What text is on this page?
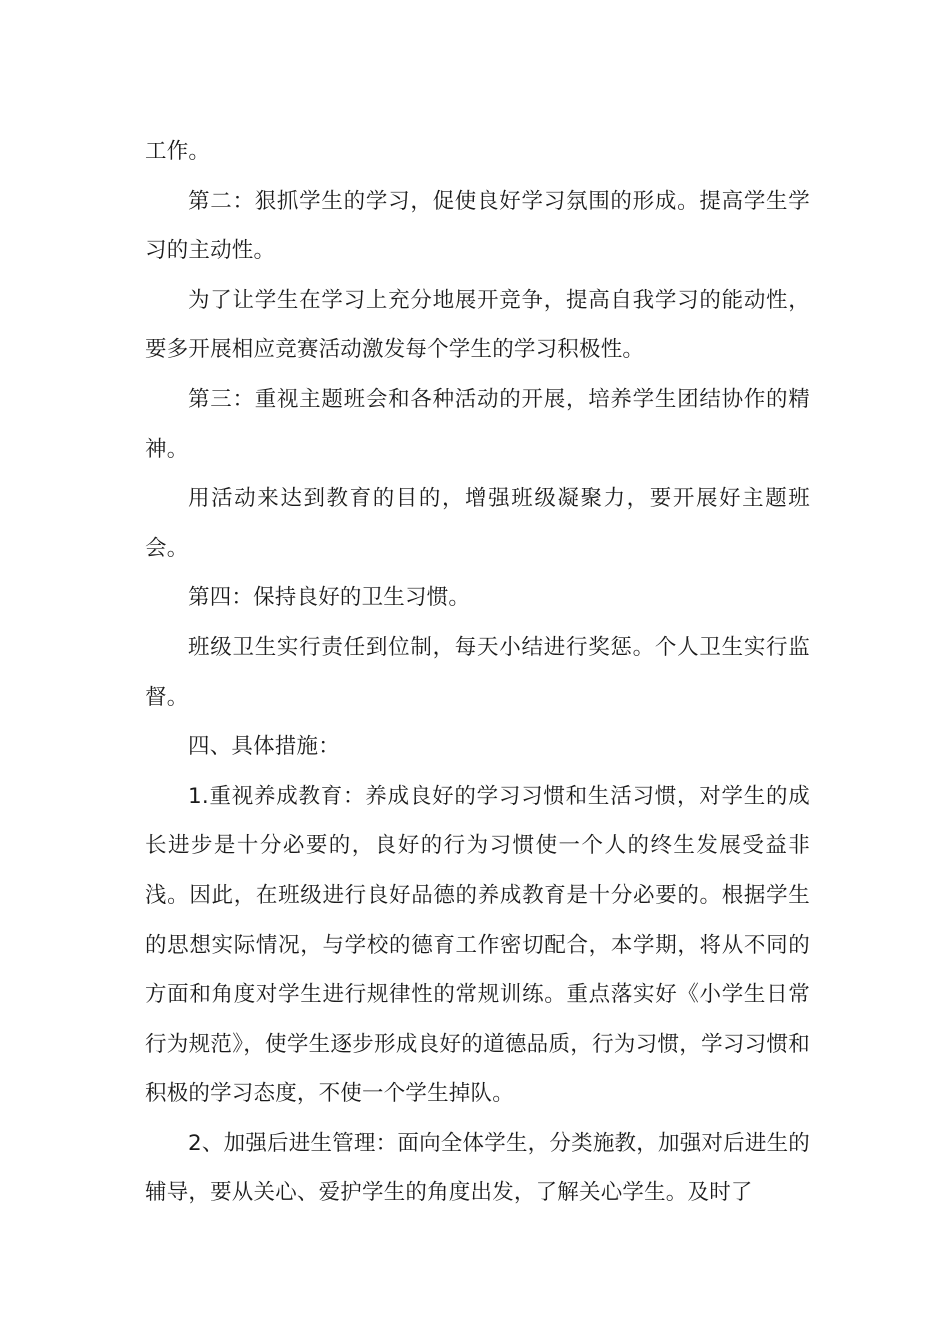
工作。

第二：狠抓学生的学习，促使良好学习氛围的形成。提高学生学习的主动性。

为了让学生在学习上充分地展开竞争，提高自我学习的能动性，要多开展相应竞赛活动激发每个学生的学习积极性。

第三：重视主题班会和各种活动的开展，培养学生团结协作的精神。

用活动来达到教育的目的，增强班级凝聚力，要开展好主题班会。

第四：保持良好的卫生习惯。

班级卫生实行责任到位制，每天小结进行奖惩。个人卫生实行监督。

四、具体措施：

1.重视养成教育：养成良好的学习习惯和生活习惯，对学生的成长进步是十分必要的，良好的行为习惯使一个人的终生发展受益非浅。因此，在班级进行良好品德的养成教育是十分必要的。根据学生的思想实际情况，与学校的德育工作密切配合，本学期，将从不同的方面和角度对学生进行规律性的常规训练。重点落实好《小学生日常行为规范》，使学生逐步形成良好的道德品质，行为习惯，学习习惯和积极的学习态度，不使一个学生掉队。

2、加强后进生管理：面向全体学生，分类施教，加强对后进生的辅导，要从关心、爱护学生的角度出发，了解关心学生。及时了
